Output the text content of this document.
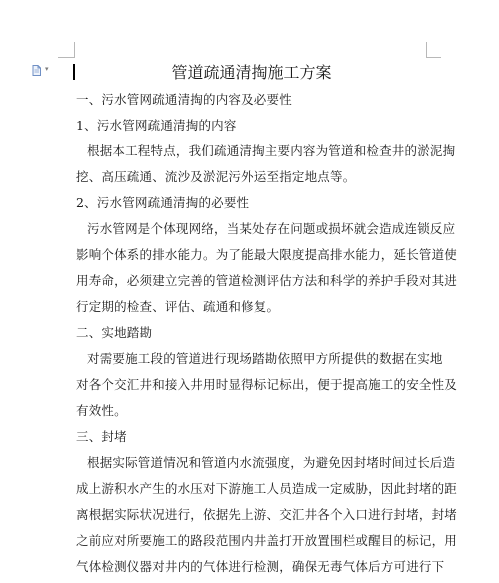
▾	管道疏通清掏施工方案

一、污水管网疏通清掏的内容及必要性

1、污水管网疏通清掏的内容

根据本工程特点，我们疏通清掏主要内容为管道和检查井的淤泥掏

挖、高压疏通、流沙及淤泥污外运至指定地点等。

2、污水管网疏通清掏的必要性

污水管网是个体现网络，当某处存在问题或损坏就会造成连锁反应

影响个体系的排水能力。为了能最大限度提高排水能力，延长管道使

用寿命，必须建立完善的管道检测评估方法和科学的养护手段对其进

行定期的检查、评估、疏通和修复。

二、实地踏勘

对需要施工段的管道进行现场踏勘依照甲方所提供的数据在实地

对各个交汇井和接入井用时显得标记标出，便于提高施工的安全性及

有效性。

三、封堵

根据实际管道情况和管道内水流强度，为避免因封堵时间过长后造

成上游积水产生的水压对下游施工人员造成一定威胁，因此封堵的距

离根据实际状况进行，依据先上游、交汇井各个入口进行封堵，封堵

之前应对所要施工的路段范围内井盖打开放置围栏或醒目的标记，用

气体检测仪器对井内的气体进行检测，确保无毒气体后方可进行下
